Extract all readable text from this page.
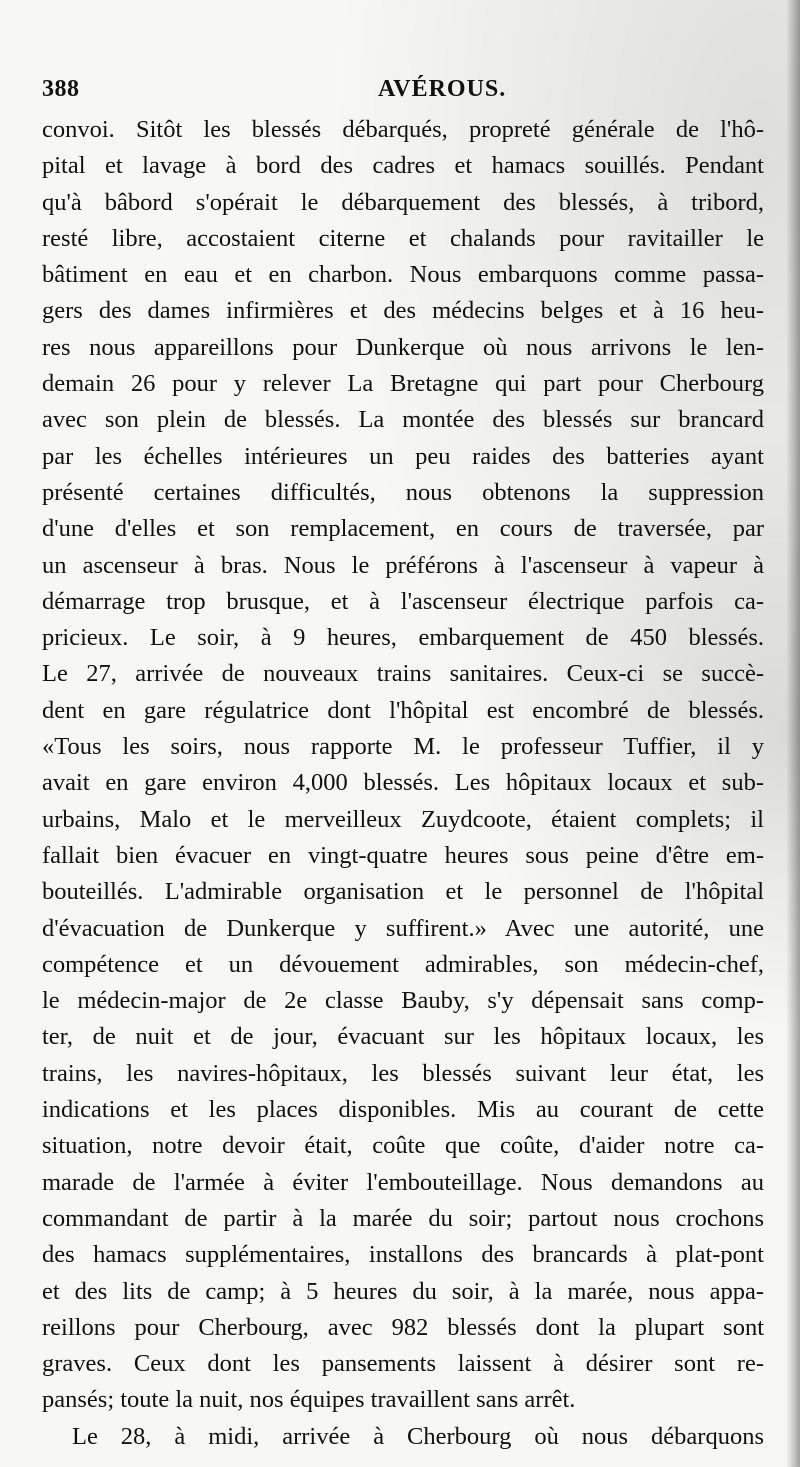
388	AVÉROUS.
convoi. Sitôt les blessés débarqués, propreté générale de l'hô-
pital et lavage à bord des cadres et hamacs souillés. Pendant
qu'à bâbord s'opérait le débarquement des blessés, à tribord,
resté libre, accostaient citerne et chalands pour ravitailler le
bâtiment en eau et en charbon. Nous embarquons comme passa-
gers des dames infirmières et des médecins belges et à 16 heu-
res nous appareillons pour Dunkerque où nous arrivons le len-
demain 26 pour y relever La Bretagne qui part pour Cherbourg
avec son plein de blessés. La montée des blessés sur brancard
par les échelles intérieures un peu raides des batteries ayant
présenté certaines difficultés, nous obtenons la suppression
d'une d'elles et son remplacement, en cours de traversée, par
un ascenseur à bras. Nous le préférons à l'ascenseur à vapeur à
démarrage trop brusque, et à l'ascenseur électrique parfois ca-
pricieux. Le soir, à 9 heures, embarquement de 450 blessés.
Le 27, arrivée de nouveaux trains sanitaires. Ceux-ci se succè-
dent en gare régulatrice dont l'hôpital est encombré de blessés.
«Tous les soirs, nous rapporte M. le professeur Tuffier, il y
avait en gare environ 4,000 blessés. Les hôpitaux locaux et sub-
urbains, Malo et le merveilleux Zuydcoote, étaient complets; il
fallait bien évacuer en vingt-quatre heures sous peine d'être em-
bouteillés. L'admirable organisation et le personnel de l'hôpital
d'évacuation de Dunkerque y suffirent.» Avec une autorité, une
compétence et un dévouement admirables, son médecin-chef,
le médecin-major de 2e classe Bauby, s'y dépensait sans comp-
ter, de nuit et de jour, évacuant sur les hôpitaux locaux, les
trains, les navires-hôpitaux, les blessés suivant leur état, les
indications et les places disponibles. Mis au courant de cette
situation, notre devoir était, coûte que coûte, d'aider notre ca-
marade de l'armée à éviter l'embouteillage. Nous demandons au
commandant de partir à la marée du soir; partout nous crochons
des hamacs supplémentaires, installons des brancards à plat-pont
et des lits de camp; à 5 heures du soir, à la marée, nous appa-
reillons pour Cherbourg, avec 982 blessés dont la plupart sont
graves. Ceux dont les pansements laissent à désirer sont re-
pansés; toute la nuit, nos équipes travaillent sans arrêt.
Le 28, à midi, arrivée à Cherbourg où nous débarquons
